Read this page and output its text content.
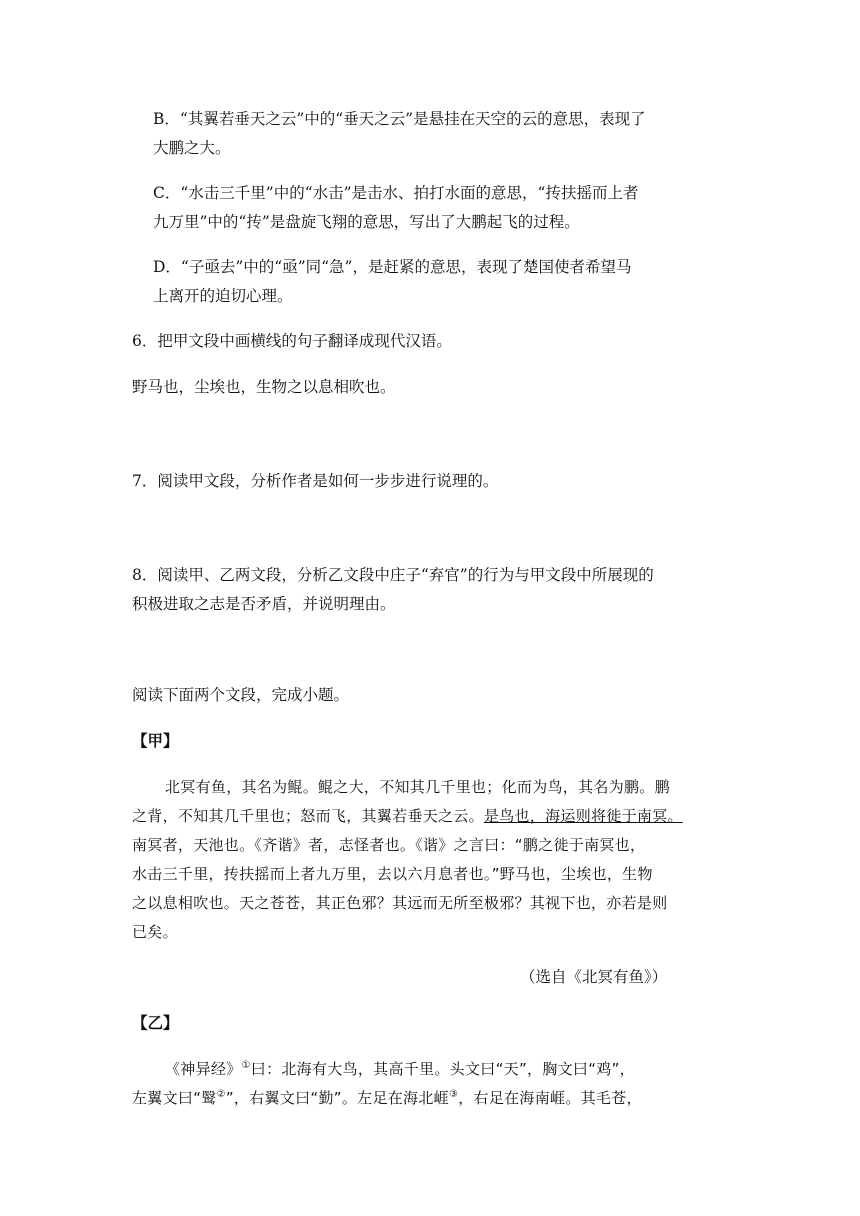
B．“其翼若垂天之云”中的“垂天之云”是悬挂在天空的云的意思，表现了
大鹏之大。
C．“水击三千里”中的“水击”是击水、拍打水面的意思，“抟扶摇而上者
九万里”中的“抟”是盘旋飞翔的意思，写出了大鹏起飞的过程。
D．“子亟去”中的“亟”同“急”，是赶紧的意思，表现了楚国使者希望马
上离开的迫切心理。
6．把甲文段中画横线的句子翻译成现代汉语。
野马也，尘埃也，生物之以息相吹也。
7．阅读甲文段，分析作者是如何一步步进行说理的。
8．阅读甲、乙两文段，分析乙文段中庄子“弃官”的行为与甲文段中所展现的
积极进取之志是否矛盾，并说明理由。
阅读下面两个文段，完成小题。
【甲】
北冥有鱼，其名为鲲。鲲之大，不知其几千里也；化而为鸟，其名为鹏。鹏
之背，不知其几千里也；怒而飞，其翼若垂天之云。是鸟也，海运则将徙于南冥。
南冥者，天池也。《齐谐》者，志怪者也。《谐》之言曰：“鹏之徙于南冥也，
水击三千里，抟扶摇而上者九万里，去以六月息者也。”野马也，尘埃也，生物
之以息相吹也。天之苍苍，其正色邪？其远而无所至极邪？其视下也，亦若是则
已矣。
（选自《北冥有鱼》）
【乙】
《神异经》①曰：北海有大鸟，其高千里。头文曰“天”，胸文曰“鸡”，
左翼文曰“鹥②”，右翼文曰“勤”。左足在海北崕③，右足在海南崕。其毛苍，
